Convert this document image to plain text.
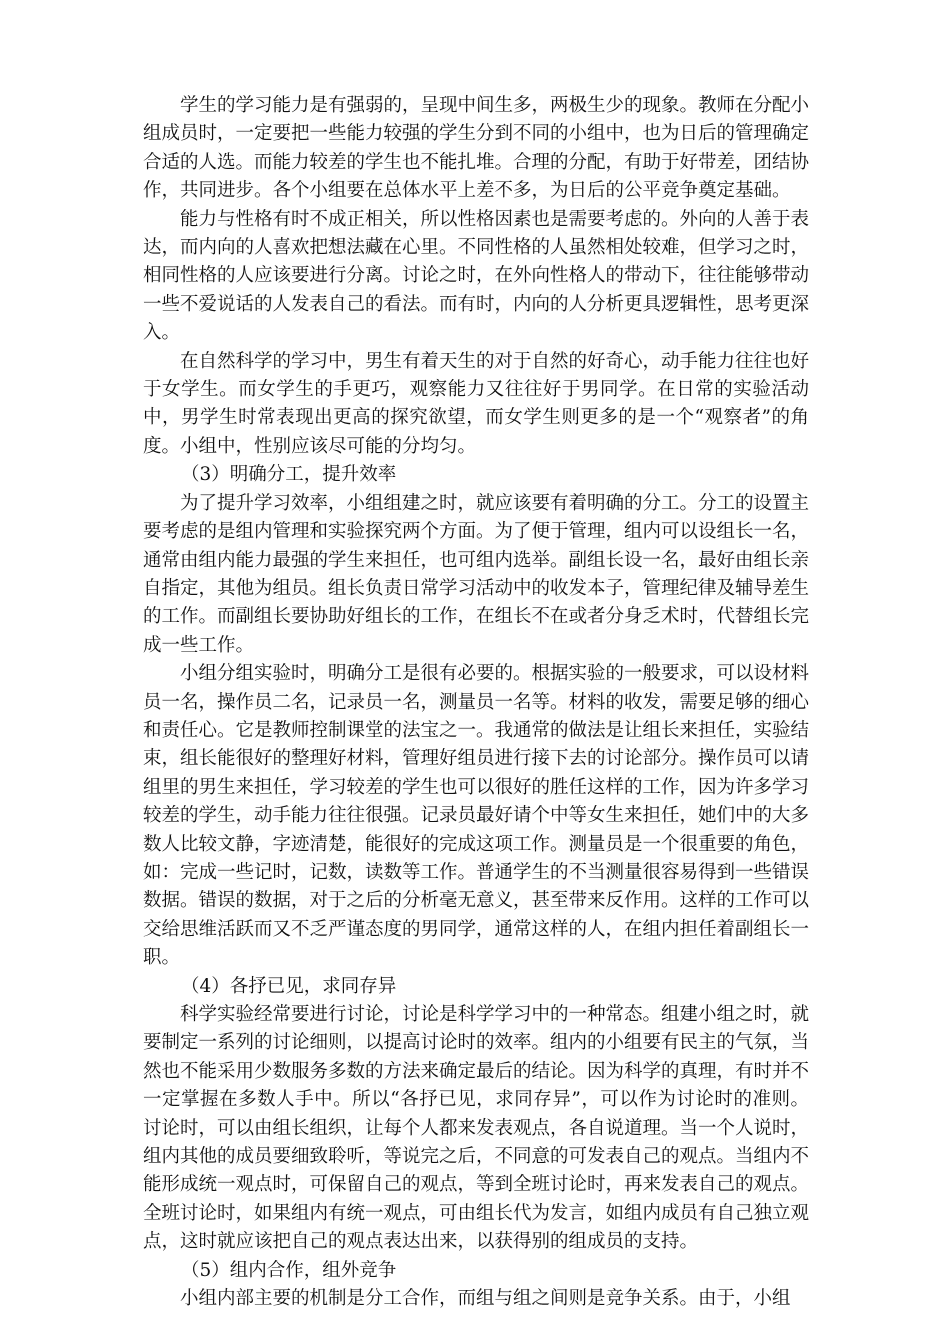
学生的学习能力是有强弱的，呈现中间生多，两极生少的现象。教师在分配小组成员时，一定要把一些能力较强的学生分到不同的小组中，也为日后的管理确定合适的人选。而能力较差的学生也不能扎堆。合理的分配，有助于好带差，团结协作，共同进步。各个小组要在总体水平上差不多，为日后的公平竞争奠定基础。

能力与性格有时不成正相关，所以性格因素也是需要考虑的。外向的人善于表达，而内向的人喜欢把想法藏在心里。不同性格的人虽然相处较难，但学习之时，相同性格的人应该要进行分离。讨论之时，在外向性格人的带动下，往往能够带动一些不爱说话的人发表自己的看法。而有时，内向的人分析更具逻辑性，思考更深入。

在自然科学的学习中，男生有着天生的对于自然的好奇心，动手能力往往也好于女学生。而女学生的手更巧，观察能力又往往好于男同学。在日常的实验活动中，男学生时常表现出更高的探究欲望，而女学生则更多的是一个“观察者”的角度。小组中，性别应该尽可能的分均匀。

（3）明确分工，提升效率

为了提升学习效率，小组组建之时，就应该要有着明确的分工。分工的设置主要考虑的是组内管理和实验探究两个方面。为了便于管理，组内可以设组长一名，通常由组内能力最强的学生来担任，也可组内选举。副组长设一名，最好由组长亲自指定，其他为组员。组长负责日常学习活动中的收发本子，管理纪律及辅导差生的工作。而副组长要协助好组长的工作，在组长不在或者分身乏术时，代替组长完成一些工作。

小组分组实验时，明确分工是很有必要的。根据实验的一般要求，可以设材料员一名，操作员二名，记录员一名，测量员一名等。材料的收发，需要足够的细心和责任心。它是教师控制课堂的法宝之一。我通常的做法是让组长来担任，实验结束，组长能很好的整理好材料，管理好组员进行接下去的讨论部分。操作员可以请组里的男生来担任，学习较差的学生也可以很好的胜任这样的工作，因为许多学习较差的学生，动手能力往往很强。记录员最好请个中等女生来担任，她们中的大多数人比较文静，字迹清楚，能很好的完成这项工作。测量员是一个很重要的角色，如：完成一些记时，记数，读数等工作。普通学生的不当测量很容易得到一些错误数据。错误的数据，对于之后的分析毫无意义，甚至带来反作用。这样的工作可以交给思维活跃而又不乏严谨态度的男同学，通常这样的人，在组内担任着副组长一职。

（4）各抒已见，求同存异

科学实验经常要进行讨论，讨论是科学学习中的一种常态。组建小组之时，就要制定一系列的讨论细则，以提高讨论时的效率。组内的小组要有民主的气氛，当然也不能采用少数服务多数的方法来确定最后的结论。因为科学的真理，有时并不一定掌握在多数人手中。所以“各抒已见，求同存异”，可以作为讨论时的准则。讨论时，可以由组长组织，让每个人都来发表观点，各自说道理。当一个人说时，组内其他的成员要细致聆听，等说完之后，不同意的可发表自己的观点。当组内不能形成统一观点时，可保留自己的观点，等到全班讨论时，再来发表自己的观点。全班讨论时，如果组内有统一观点，可由组长代为发言，如组内成员有自己独立观点，这时就应该把自己的观点表达出来，以获得别的组成员的支持。

（5）组内合作，组外竞争

小组内部主要的机制是分工合作，而组与组之间则是竞争关系。由于，小组
